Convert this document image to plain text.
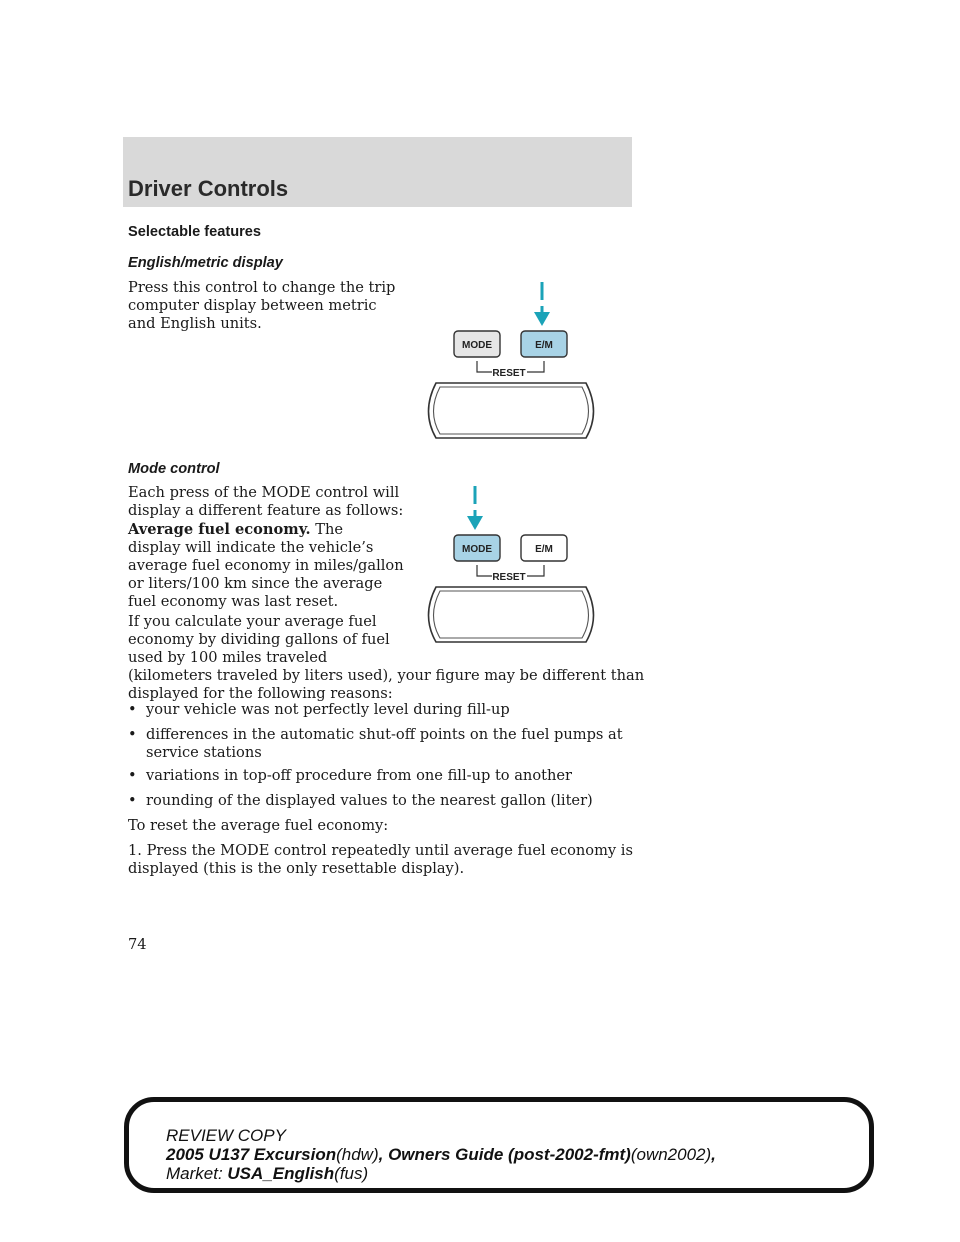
Driver Controls

Selectable features

English/metric display

Press this control to change the trip
computer display between metric
and English units.

MODE	E/M
RESET

Mode control

Each press of the MODE control will
display a different feature as follows:

Average fuel economy. The
display will indicate the vehicle’s
average fuel economy in miles/gallon
or liters/100 km since the average
fuel economy was last reset.

MODE	E/M
RESET

If you calculate your average fuel
economy by dividing gallons of fuel
used by 100 miles traveled
(kilometers traveled by liters used), your figure may be different than
displayed for the following reasons:

• your vehicle was not perfectly level during fill-up
• differences in the automatic shut-off points on the fuel pumps at
service stations
• variations in top-off procedure from one fill-up to another
• rounding of the displayed values to the nearest gallon (liter)

To reset the average fuel economy:

1. Press the MODE control repeatedly until average fuel economy is
displayed (this is the only resettable display).

74
REVIEW COPY
2005 U137 Excursion(hdw), Owners Guide (post-2002-fmt)(own2002),
Market: USA_English(fus)
